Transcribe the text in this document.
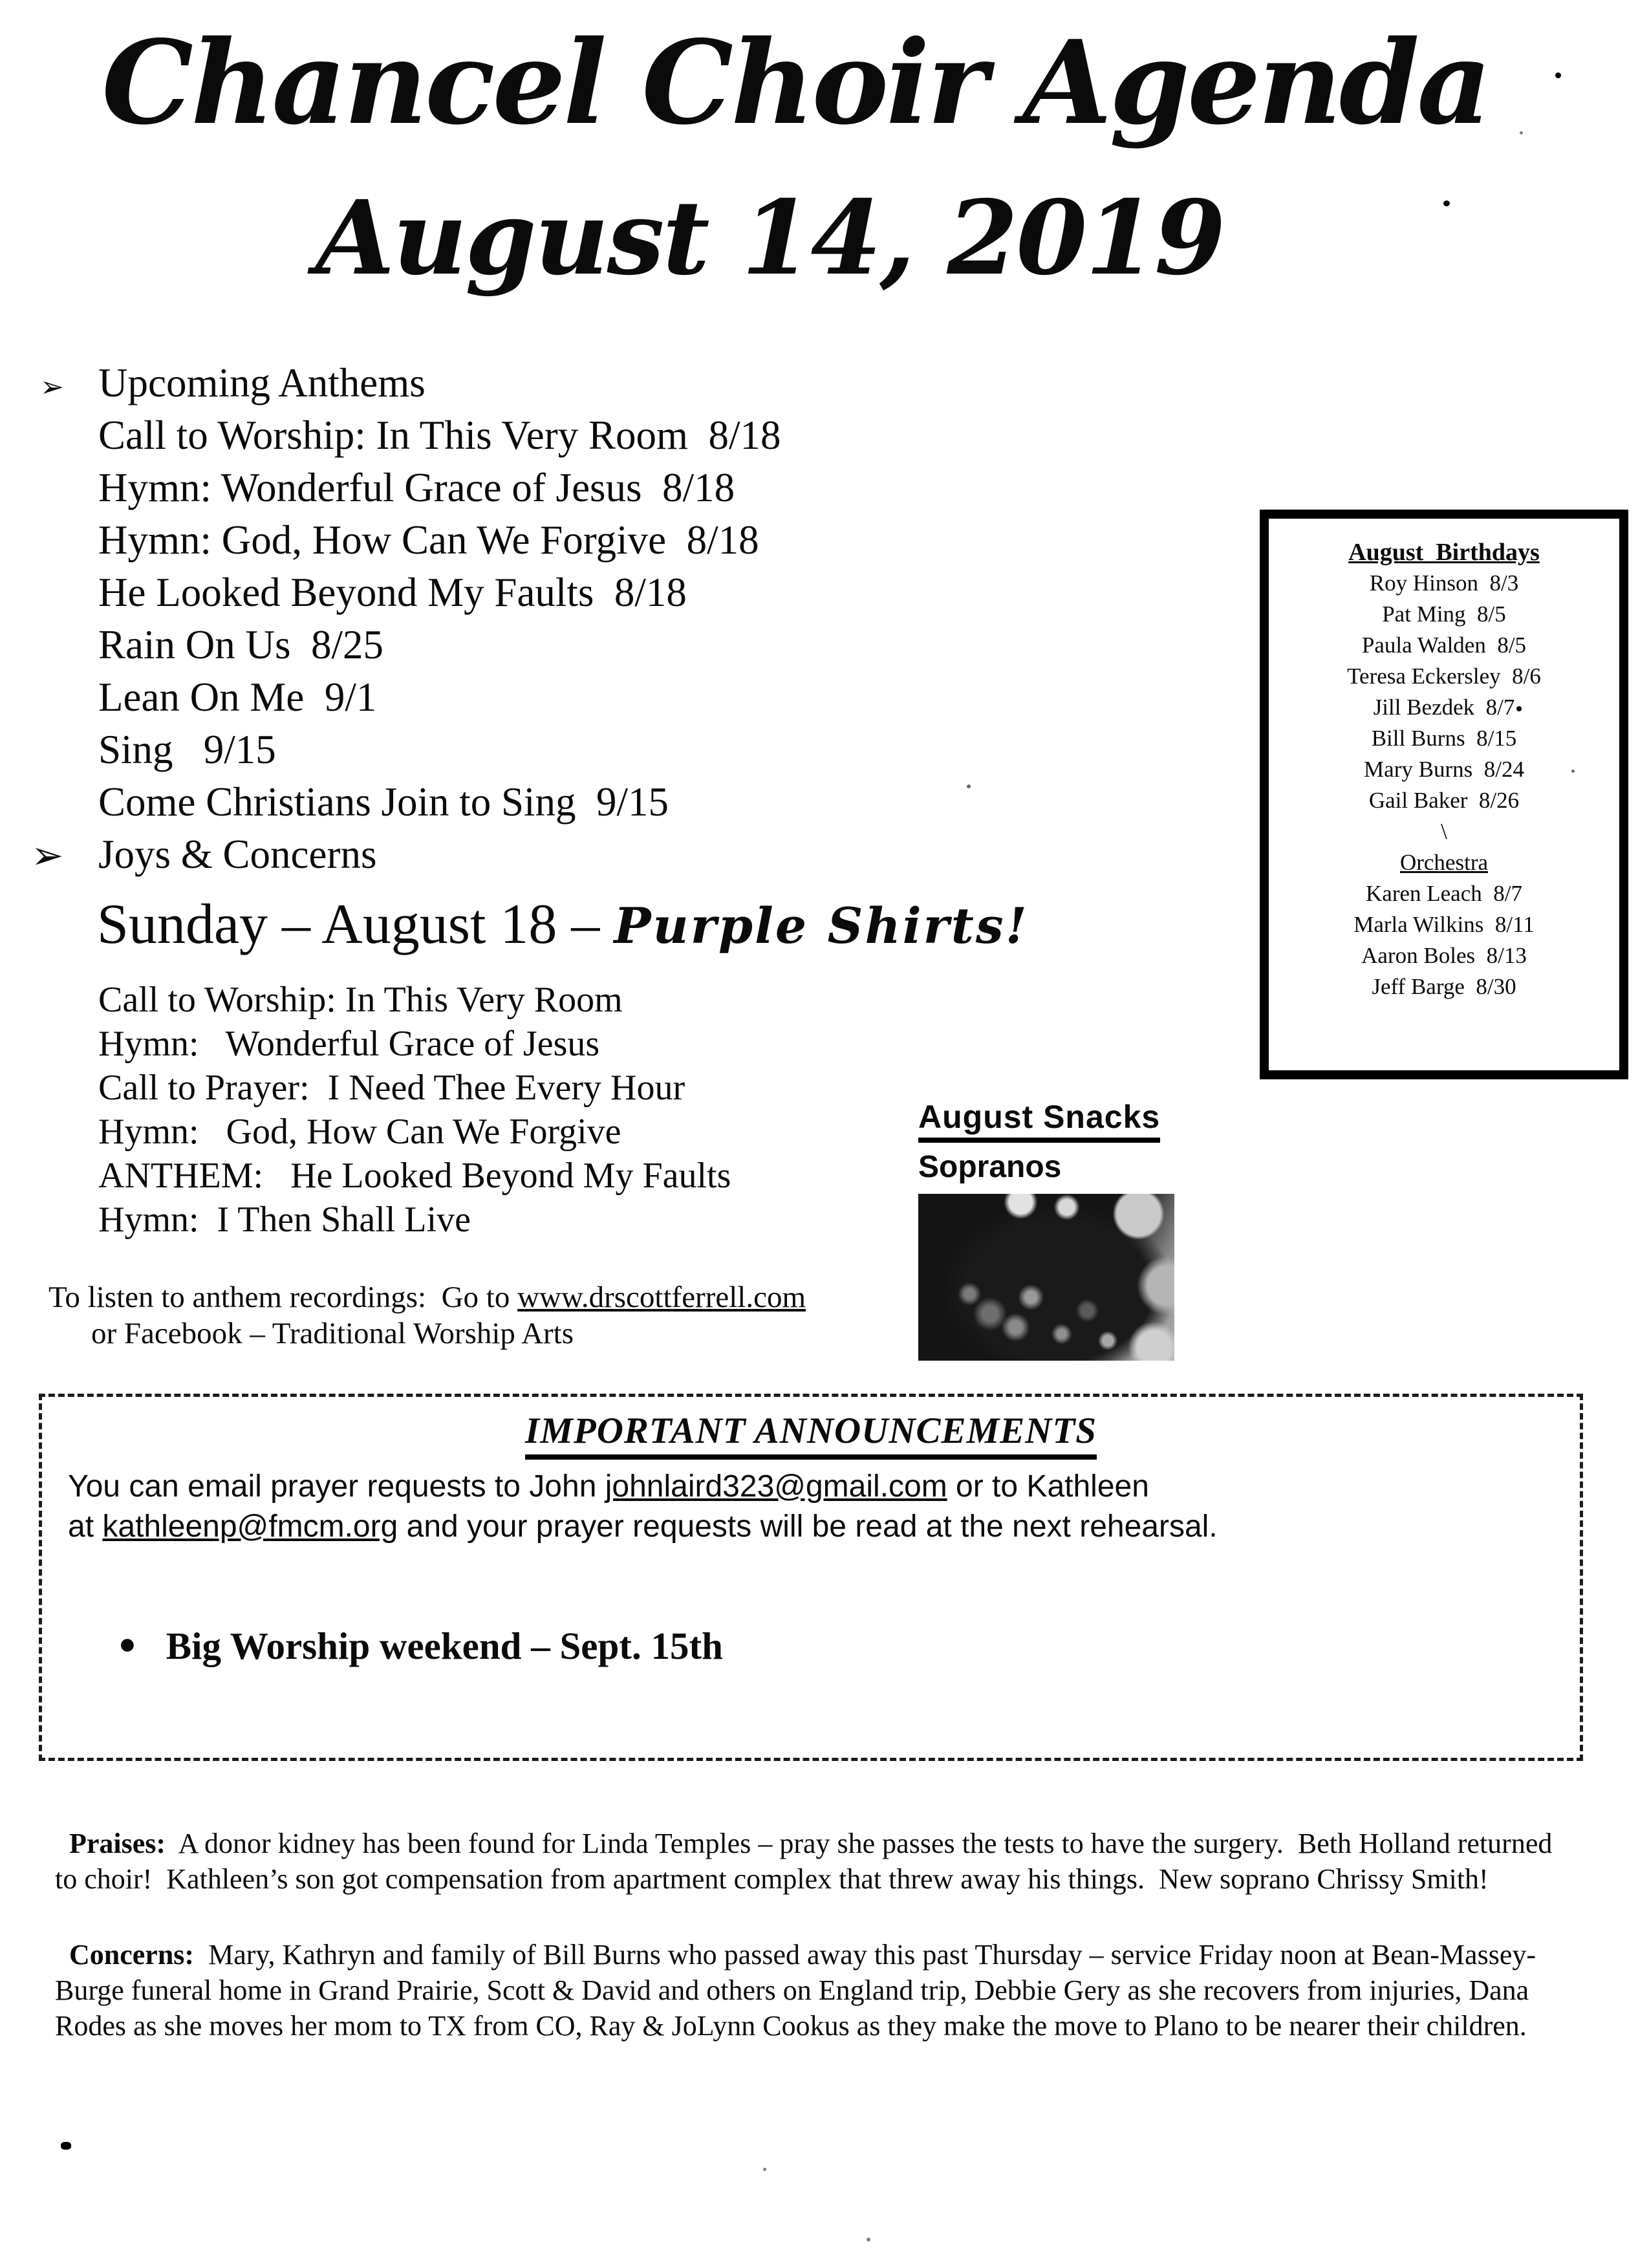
Chancel Choir Agenda
August 14, 2019
➢ Upcoming Anthems
Call to Worship: In This Very Room  8/18
Hymn: Wonderful Grace of Jesus  8/18
Hymn: God, How Can We Forgive  8/18
He Looked Beyond My Faults  8/18
Rain On Us  8/25
Lean On Me  9/1
Sing   9/15
Come Christians Join to Sing  9/15
➢ Joys & Concerns
August  Birthdays
Roy Hinson  8/3
Pat Ming  8/5
Paula Walden  8/5
Teresa Eckersley  8/6
Jill Bezdek  8/7
Bill Burns  8/15
Mary Burns  8/24
Gail Baker  8/26
\
Orchestra
Karen Leach  8/7
Marla Wilkins  8/11
Aaron Boles  8/13
Jeff Barge  8/30
Sunday – August 18 – Purple Shirts!
Call to Worship: In This Very Room
Hymn:   Wonderful Grace of Jesus
Call to Prayer:  I Need Thee Every Hour
Hymn:   God, How Can We Forgive
ANTHEM:   He Looked Beyond My Faults
Hymn:  I Then Shall Live
To listen to anthem recordings:  Go to www.drscottferrell.com
or Facebook – Traditional Worship Arts
August Snacks
Sopranos
IMPORTANT ANNOUNCEMENTS
You can email prayer requests to John johnlaird323@gmail.com or to Kathleen
at kathleenp@fmcm.org and your prayer requests will be read at the next rehearsal.
● Big Worship weekend – Sept. 15th

Praises:  A donor kidney has been found for Linda Temples – pray she passes the tests to have the surgery.  Beth Holland returned to choir!  Kathleen’s son got compensation from apartment complex that threw away his things.  New soprano Chrissy Smith!

Concerns:  Mary, Kathryn and family of Bill Burns who passed away this past Thursday – service Friday noon at Bean-Massey-Burge funeral home in Grand Prairie, Scott & David and others on England trip, Debbie Gery as she recovers from injuries, Dana Rodes as she moves her mom to TX from CO, Ray & JoLynn Cookus as they make the move to Plano to be nearer their children.
